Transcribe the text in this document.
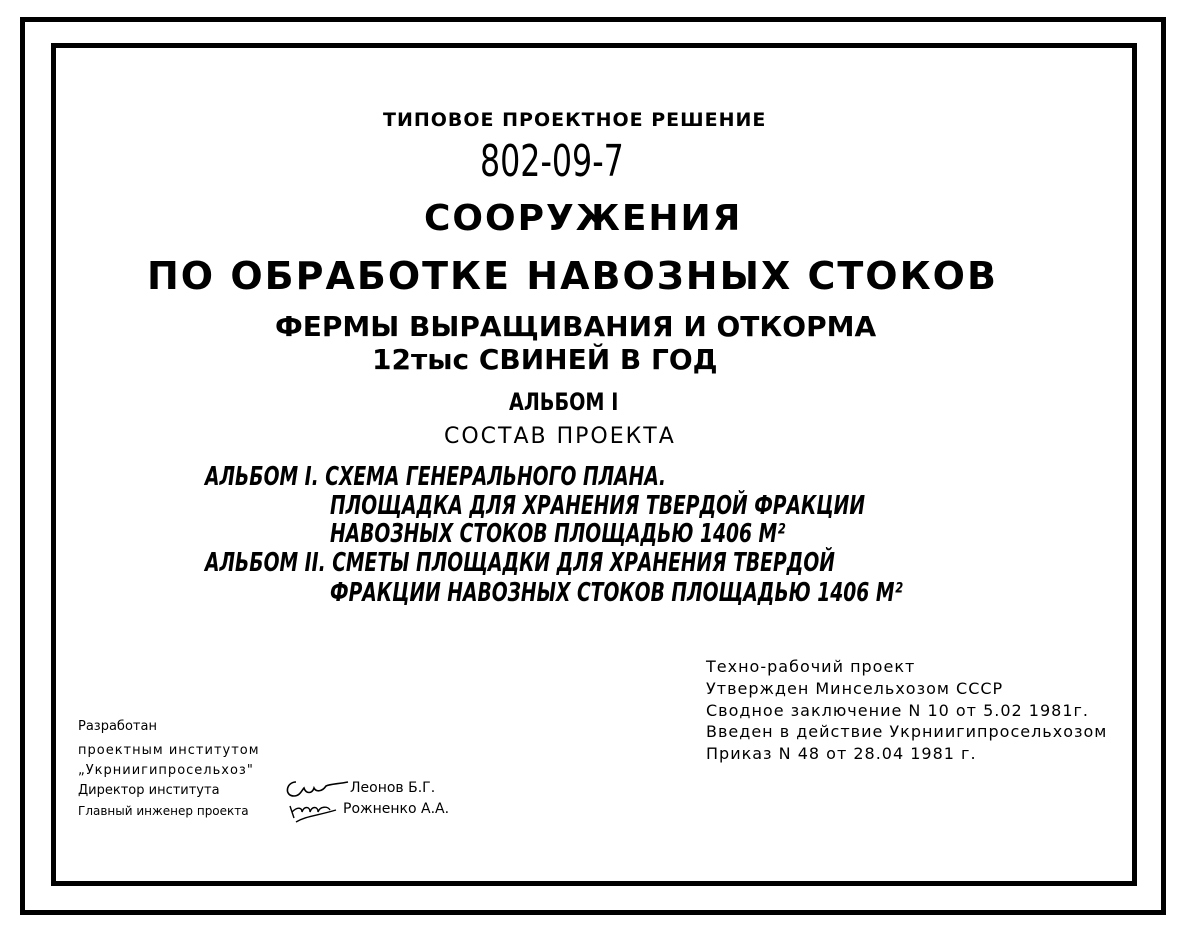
ТИПОВОЕ ПРОЕКТНОЕ РЕШЕНИЕ
802-09-7
СООРУЖЕНИЯ
ПО ОБРАБОТКЕ НАВОЗНЫХ СТОКОВ
ФЕРМЫ ВЫРАЩИВАНИЯ И ОТКОРМА
12тыс СВИНЕЙ В ГОД
АЛЬБОМ I
СОСТАВ ПРОЕКТА
АЛЬБОМ I. СХЕМА ГЕНЕРАЛЬНОГО ПЛАНА.
ПЛОЩАДКА ДЛЯ ХРАНЕНИЯ ТВЕРДОЙ ФРАКЦИИ
НАВОЗНЫХ СТОКОВ ПЛОЩАДЬЮ 1406 М²
АЛЬБОМ II. СМЕТЫ ПЛОЩАДКИ ДЛЯ ХРАНЕНИЯ ТВЕРДОЙ
ФРАКЦИИ НАВОЗНЫХ СТОКОВ ПЛОЩАДЬЮ 1406 М²
Техно-рабочий проект
Утвержден Минсельхозом СССР
Сводное заключение N 10 от 5.02 1981г.
Введен в действие Укрниигипросельхозом
Приказ N 48 от 28.04 1981 г.
Разработан
проектным институтом
„Укрниигипросельхоз"
Директор института	Леонов Б.Г.
Главный инженер проекта	Рожненко А.А.
